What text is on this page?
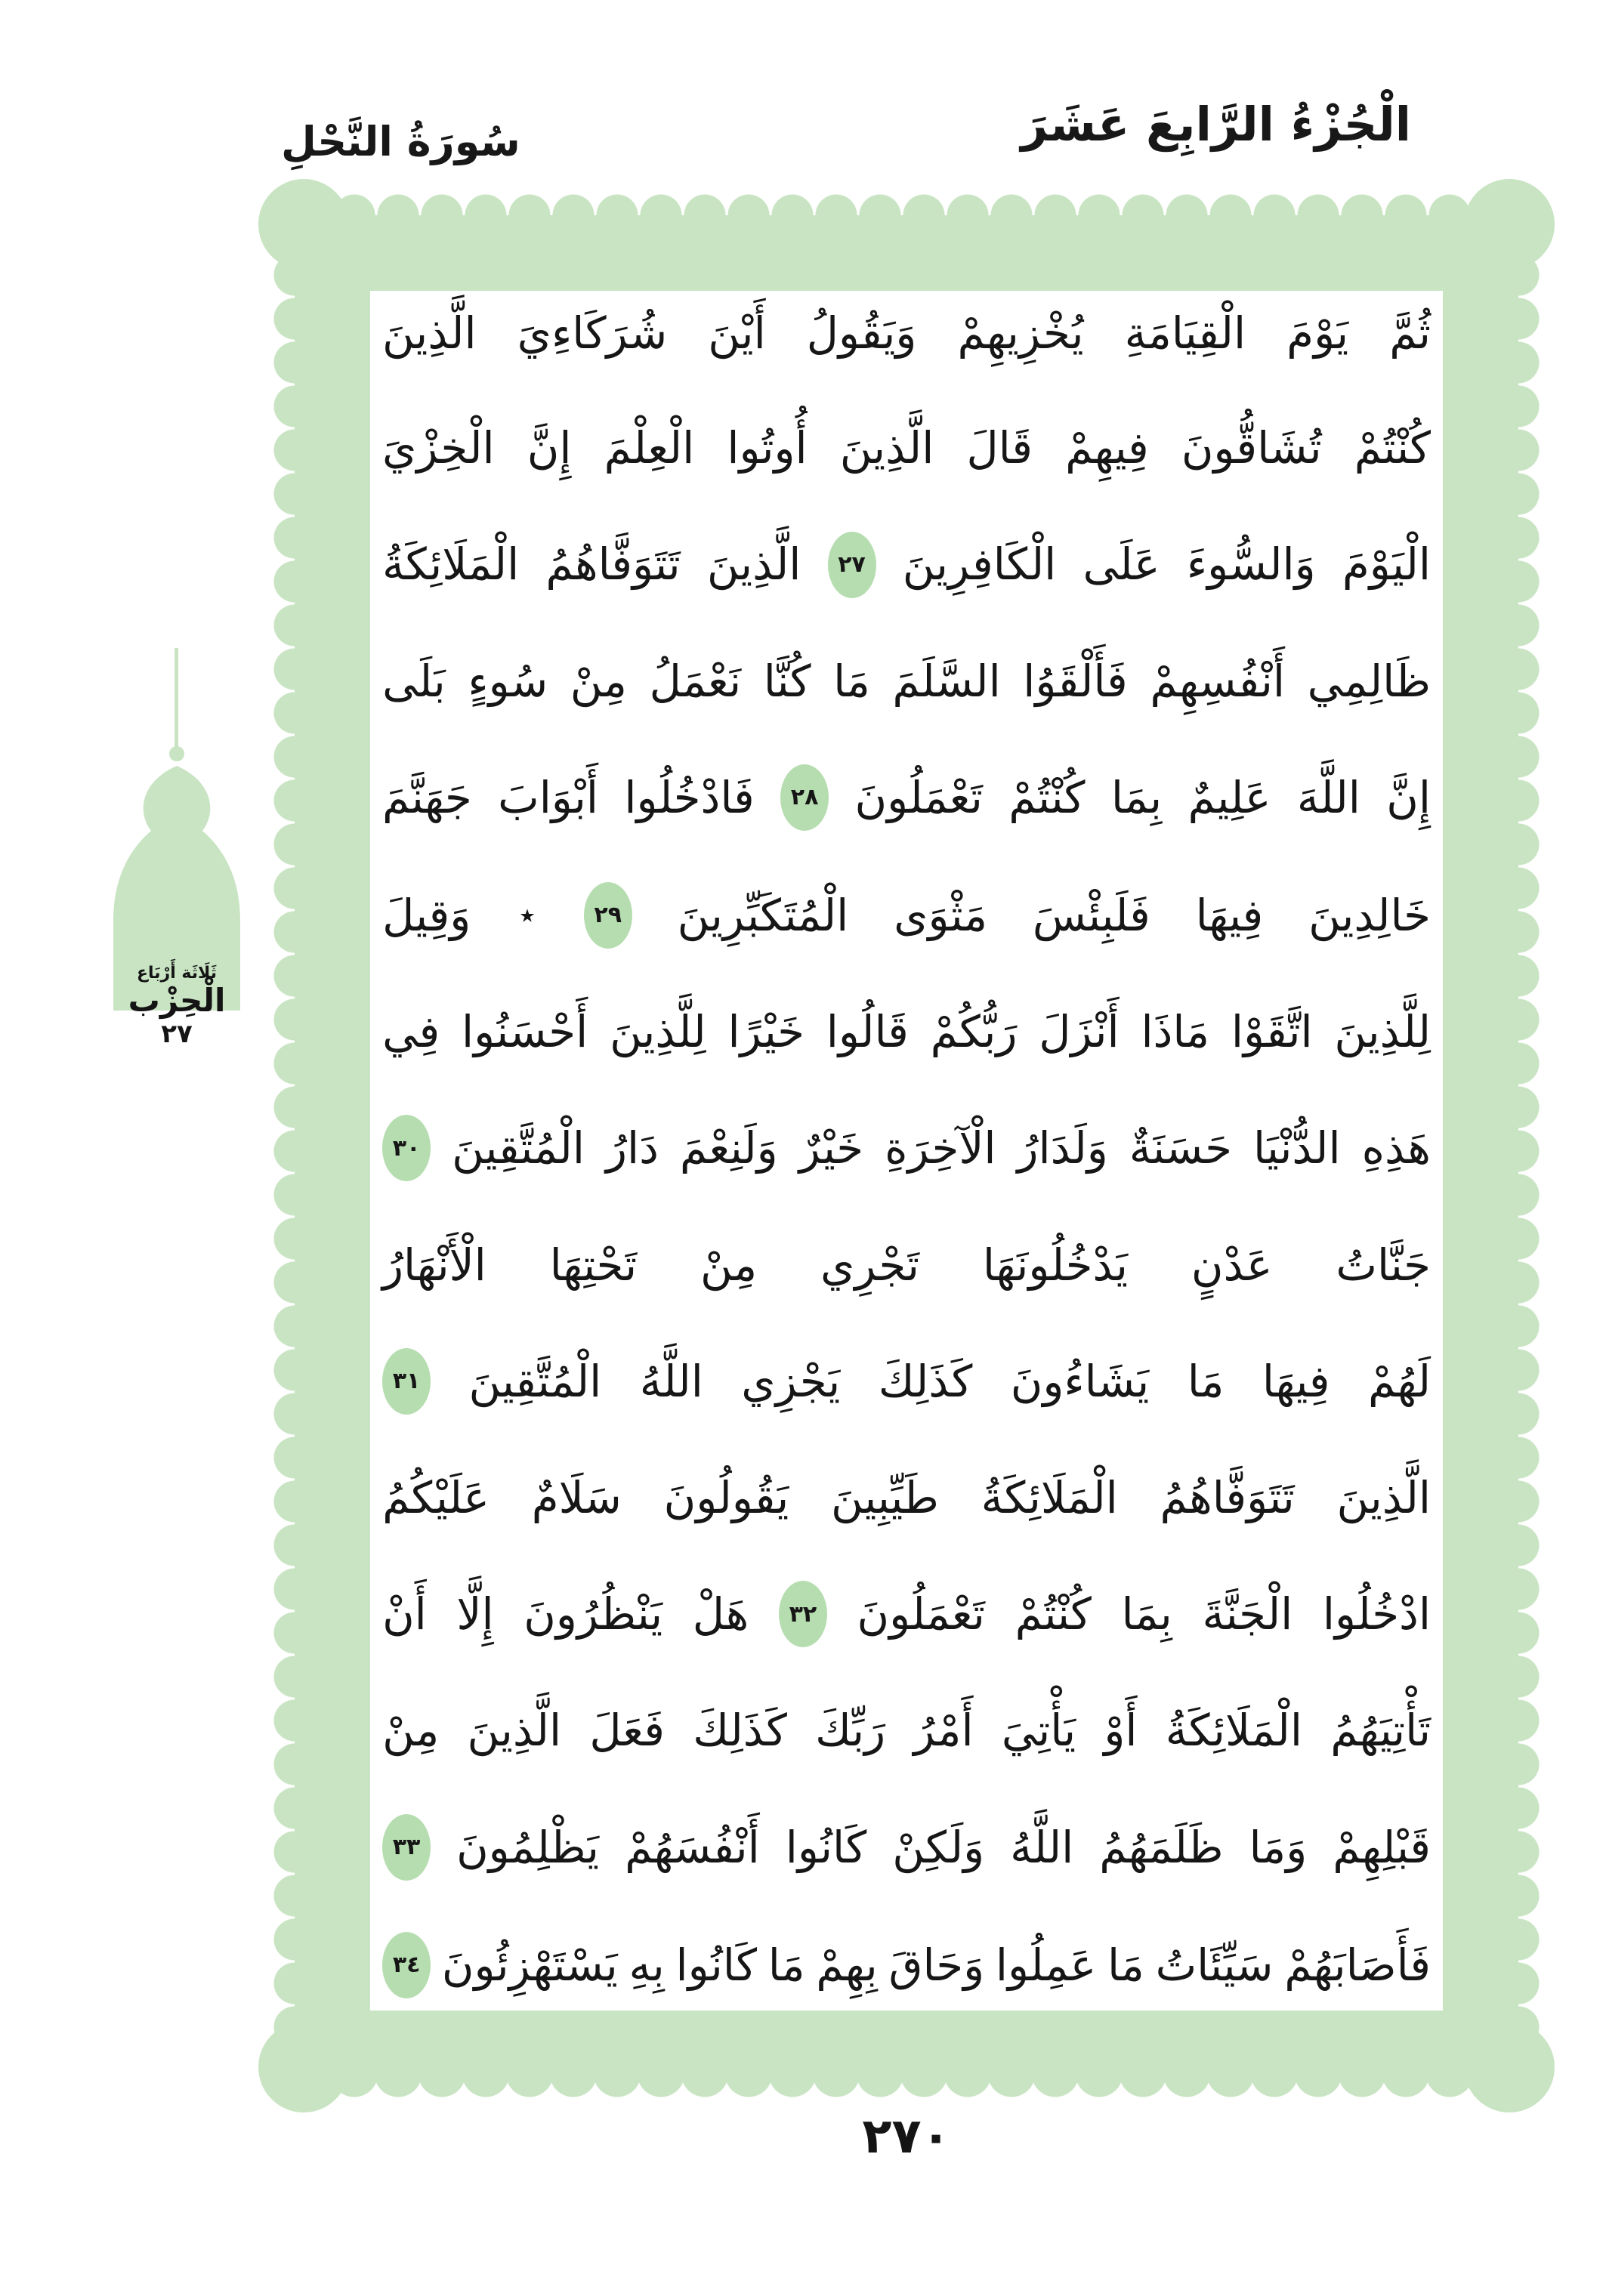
الْجُزْءُ الرَّابِعَ عَشَرَ
سُورَةُ النَّحْلِ
ثُمَّ
يَوْمَ
الْقِيَامَةِ
يُخْزِيهِمْ
وَيَقُولُ
أَيْنَ
شُرَكَاءِيَ
الَّذِينَ
كُنْتُمْ
تُشَاقُّونَ
فِيهِمْ
قَالَ
الَّذِينَ
أُوتُوا
الْعِلْمَ
إِنَّ
الْخِزْيَ
الْيَوْمَ
وَالسُّوءَ
عَلَى
الْكَافِرِينَ
٢٧
الَّذِينَ
تَتَوَفَّاهُمُ
الْمَلَائِكَةُ
ظَالِمِي
أَنْفُسِهِمْ
فَأَلْقَوُا
السَّلَمَ
مَا
كُنَّا
نَعْمَلُ
مِنْ
سُوءٍ
بَلَى
إِنَّ
اللَّهَ
عَلِيمٌ
بِمَا
كُنْتُمْ
تَعْمَلُونَ
٢٨
فَادْخُلُوا
أَبْوَابَ
جَهَنَّمَ
خَالِدِينَ
فِيهَا
فَلَبِئْسَ
مَثْوَى
الْمُتَكَبِّرِينَ
٢٩
٭
وَقِيلَ
لِلَّذِينَ
اتَّقَوْا
مَاذَا
أَنْزَلَ
رَبُّكُمْ
قَالُوا
خَيْرًا
لِلَّذِينَ
أَحْسَنُوا
فِي
هَذِهِ
الدُّنْيَا
حَسَنَةٌ
وَلَدَارُ
الْآخِرَةِ
خَيْرٌ
وَلَنِعْمَ
دَارُ
الْمُتَّقِينَ
٣٠
جَنَّاتُ
عَدْنٍ
يَدْخُلُونَهَا
تَجْرِي
مِنْ
تَحْتِهَا
الْأَنْهَارُ
لَهُمْ
فِيهَا
مَا
يَشَاءُونَ
كَذَلِكَ
يَجْزِي
اللَّهُ
الْمُتَّقِينَ
٣١
الَّذِينَ
تَتَوَفَّاهُمُ
الْمَلَائِكَةُ
طَيِّبِينَ
يَقُولُونَ
سَلَامٌ
عَلَيْكُمُ
ادْخُلُوا
الْجَنَّةَ
بِمَا
كُنْتُمْ
تَعْمَلُونَ
٣٢
هَلْ
يَنْظُرُونَ
إِلَّا
أَنْ
تَأْتِيَهُمُ
الْمَلَائِكَةُ
أَوْ
يَأْتِيَ
أَمْرُ
رَبِّكَ
كَذَلِكَ
فَعَلَ
الَّذِينَ
مِنْ
قَبْلِهِمْ
وَمَا
ظَلَمَهُمُ
اللَّهُ
وَلَكِنْ
كَانُوا
أَنْفُسَهُمْ
يَظْلِمُونَ
٣٣
فَأَصَابَهُمْ
سَيِّئَاتُ
مَا
عَمِلُوا
وَحَاقَ
بِهِمْ
مَا
كَانُوا
بِهِ
يَسْتَهْزِئُونَ
٣٤
ثَلَاثَة أَرْبَاع
الْحِزْب
٢٧
٢٧٠
